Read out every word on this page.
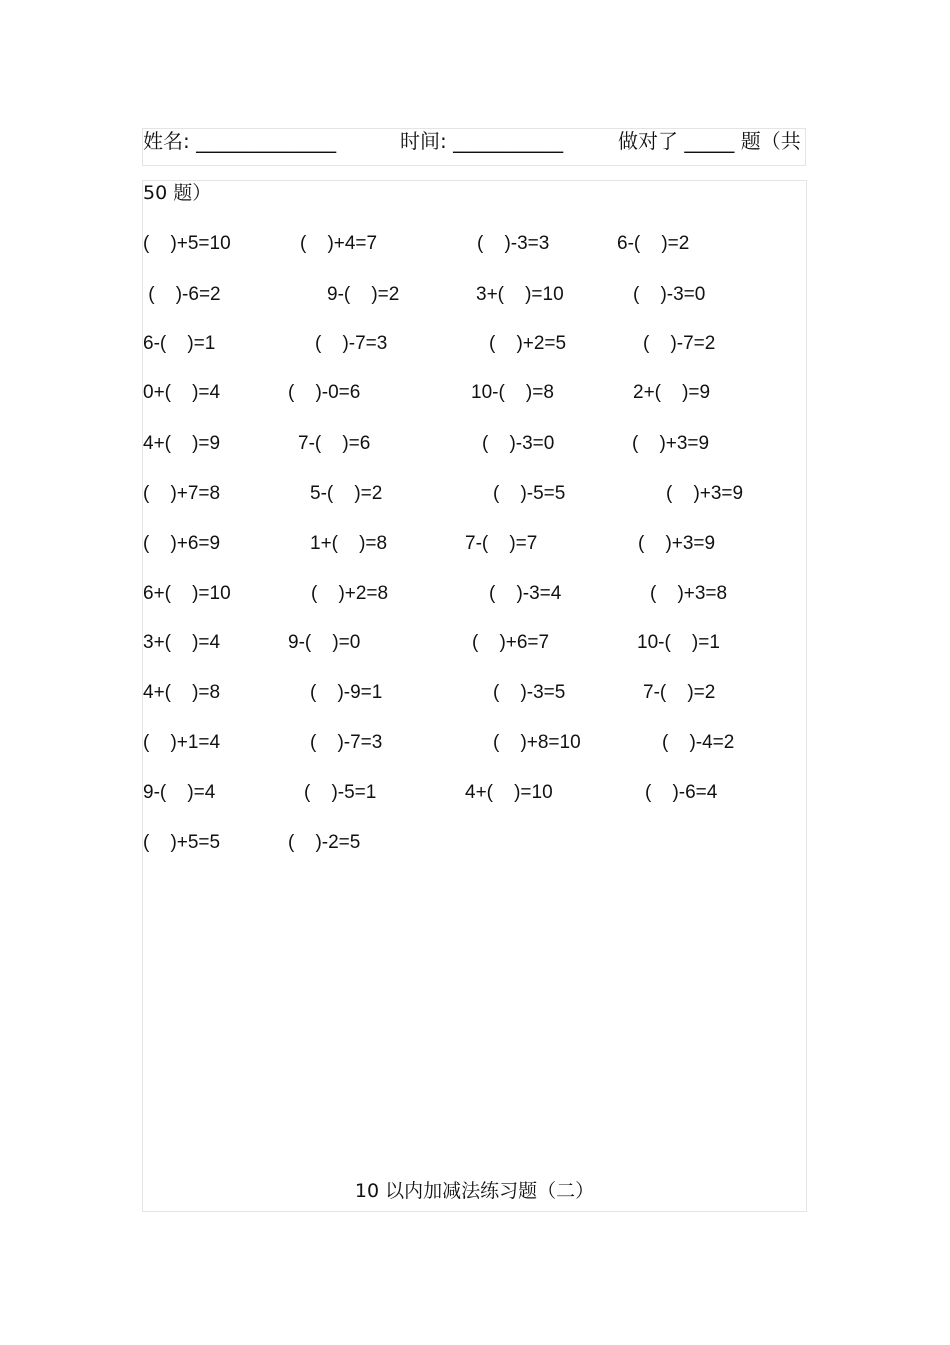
姓名: ______________	时间: ___________	做对了 _____ 题（共
50 题）
(    )+5=10	(    )+4=7	(    )-3=3	6-(    )=2
(    )-6=2	9-(    )=2	3+(    )=10	(    )-3=0
6-(    )=1	(    )-7=3	(    )+2=5	(    )-7=2
0+(    )=4	(    )-0=6	10-(    )=8	2+(    )=9
4+(    )=9	7-(    )=6	(    )-3=0	(    )+3=9
(    )+7=8	5-(    )=2	(    )-5=5	(    )+3=9
(    )+6=9	1+(    )=8	7-(    )=7	(    )+3=9
6+(    )=10	(    )+2=8	(    )-3=4	(    )+3=8
3+(    )=4	9-(    )=0	(    )+6=7	10-(    )=1
4+(    )=8	(    )-9=1	(    )-3=5	7-(    )=2
(    )+1=4	(    )-7=3	(    )+8=10	(    )-4=2
9-(    )=4	(    )-5=1	4+(    )=10	(    )-6=4
(    )+5=5	(    )-2=5
10 以内加减法练习题（二）
